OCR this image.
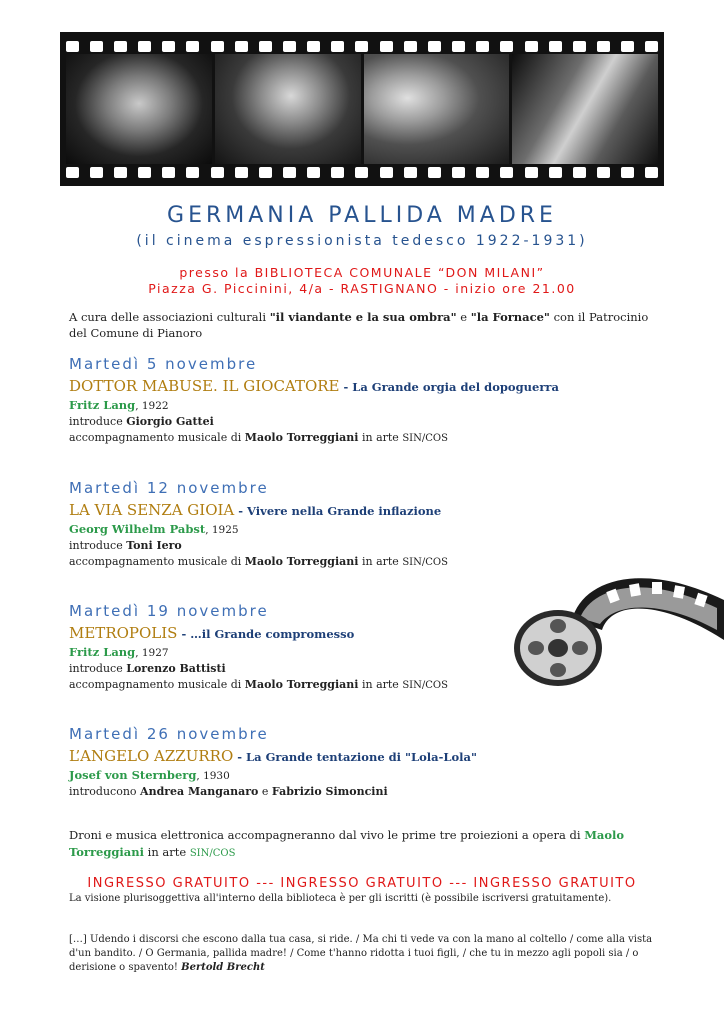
GERMANIA PALLIDA MADRE
(il cinema espressionista tedesco 1922-1931)
presso la BIBLIOTECA COMUNALE “DON MILANI”
Piazza G. Piccinini, 4/a - RASTIGNANO - inizio ore 21.00
A cura delle associazioni culturali "il viandante e la sua ombra" e "la Fornace" con il Patrocinio del Comune di Pianoro
Martedì 5 novembre
DOTTOR MABUSE. IL GIOCATORE - La Grande orgia del dopoguerra
Fritz Lang, 1922
introduce Giorgio Gattei
accompagnamento musicale di Maolo Torreggiani in arte SIN/COS
Martedì 12 novembre
LA VIA SENZA GIOIA - Vivere nella Grande inflazione
Georg Wilhelm Pabst, 1925
introduce Toni Iero
accompagnamento musicale di Maolo Torreggiani in arte SIN/COS
Martedì 19 novembre
METROPOLIS - …il Grande compromesso
Fritz Lang, 1927
introduce Lorenzo Battisti
accompagnamento musicale di Maolo Torreggiani in arte SIN/COS
Martedì 26 novembre
L’ANGELO AZZURRO - La Grande tentazione di "Lola-Lola"
Josef von Sternberg, 1930
introducono Andrea Manganaro e Fabrizio Simoncini
Droni e musica elettronica accompagneranno dal vivo le prime tre proiezioni a opera di Maolo Torreggiani in arte SIN/COS
INGRESSO GRATUITO --- INGRESSO GRATUITO --- INGRESSO GRATUITO
La visione plurisoggettiva all'interno della biblioteca è per gli iscritti (è possibile iscriversi gratuitamente).
[…] Udendo i discorsi che escono dalla tua casa, si ride. / Ma chi ti vede va con la mano al coltello / come alla vista d'un bandito. / O Germania, pallida madre! / Come t'hanno ridotta i tuoi figli, / che tu in mezzo agli popoli sia / o derisione o spavento! Bertold Brecht
